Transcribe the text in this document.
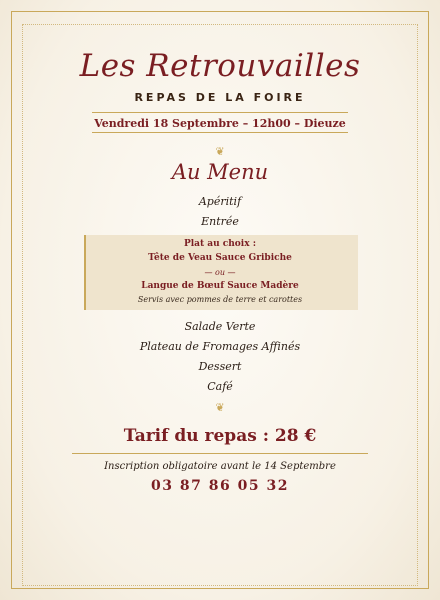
Les Retrouvailles
REPAS DE LA FOIRE
Vendredi 18 Septembre – 12h00 – Dieuze
❦
Au Menu
Apéritif
Entrée
Plat au choix :
Tête de Veau Sauce Gribiche
— ou —
Langue de Bœuf Sauce Madère
Servis avec pommes de terre et carottes
Salade Verte
Plateau de Fromages Affinés
Dessert
Café
❦
Tarif du repas : 28 €
Inscription obligatoire avant le 14 Septembre
03 87 86 05 32
